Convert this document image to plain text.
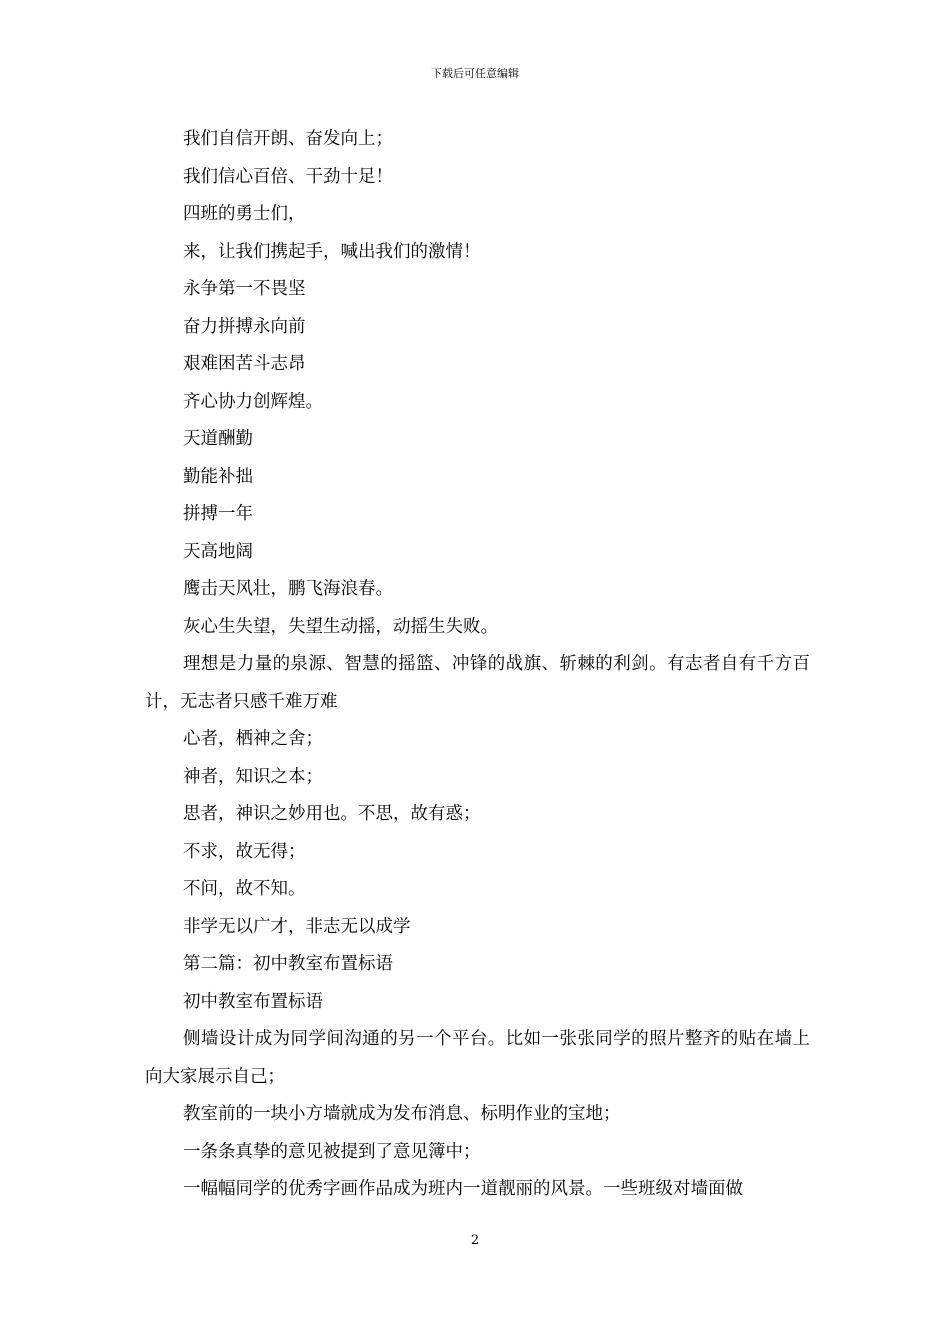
下载后可任意编辑

我们自信开朗、奋发向上；

我们信心百倍、干劲十足！

四班的勇士们，

来，让我们携起手，喊出我们的激情！

永争第一不畏坚

奋力拼搏永向前

艰难困苦斗志昂

齐心协力创辉煌。

天道酬勤

勤能补拙

拼搏一年

天高地阔

鹰击天风壮，鹏飞海浪春。

灰心生失望，失望生动摇，动摇生失败。

理想是力量的泉源、智慧的摇篮、冲锋的战旗、斩棘的利剑。有志者自有千方百计，无志者只感千难万难

心者，栖神之舍；

神者，知识之本；

思者，神识之妙用也。不思，故有惑；

不求，故无得；

不问，故不知。

非学无以广才，非志无以成学

第二篇：初中教室布置标语

初中教室布置标语

侧墙设计成为同学间沟通的另一个平台。比如一张张同学的照片整齐的贴在墙上向大家展示自己；

教室前的一块小方墙就成为发布消息、标明作业的宝地；

一条条真挚的意见被提到了意见簿中；

一幅幅同学的优秀字画作品成为班内一道靓丽的风景。一些班级对墙面做

2
